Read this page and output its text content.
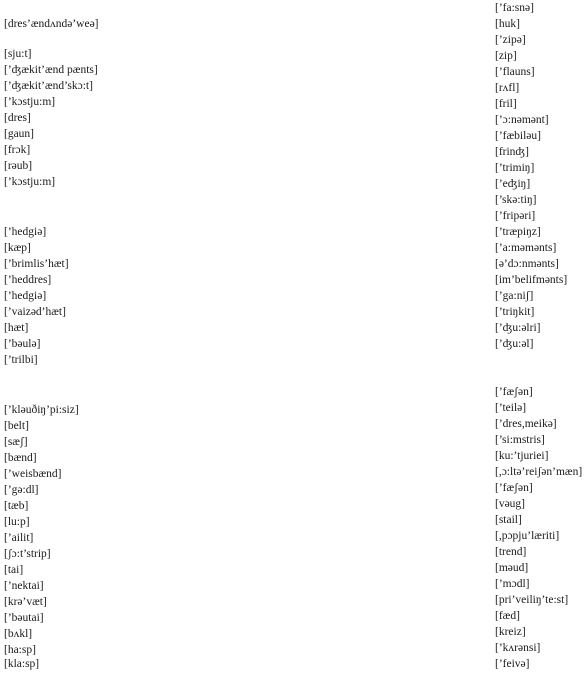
[dres’ændʌndə’weə]
[sju:t]
[’ʤækit’ænd pænts]
[’ʤækit’ænd’skɔ:t]
[’kɔstju:m]
[dres]
[gaun]
[frɔk]
[rəub]
[’kɔstju:m]
[’hedgiə]
[kæp]
[’brimlis’hæt]
[’heddres]
[’hedgiə]
[’vaizəd’hæt]
[hæt]
[’bəulə]
[’trilbi]
[’kləuðiŋ’pi:siz]
[belt]
[sæʃ]
[bænd]
[’weisbænd]
[’gə:dl]
[tæb]
[lu:p]
[’ailit]
[ʃɔ:t’strip]
[tai]
[’nektai]
[krə’væt]
[’bəutai]
[bʌkl]
[ha:sp]
[kla:sp]
[’fa:snə]
[huk]
[’zipə]
[zip]
[’flauns]
[rʌfl]
[fril]
[’ɔ:nəmənt]
[’fæbiləu]
[frinʤ]
[’trimiŋ]
[’eʤiŋ]
[’skə:tiŋ]
[’fripəri]
[’træpiŋz]
[’a:məmənts]
[ə’dɔ:nmənts]
[im’belifmənts]
[’ga:niʃ]
[’triŋkit]
[’ʤu:əlri]
[’ʤu:əl]
[’fæʃən]
[’teilə]
[’dres,meikə]
[’si:mstris]
[ku:’tjuriei]
[,ɔ:ltə’reiʃən’mæn]
[’fæʃən]
[vəug]
[stail]
[,pɔpju’læriti]
[trend]
[məud]
[’mɔdl]
[pri’veiliŋ’te:st]
[fæd]
[kreiz]
[’kʌrənsi]
[’feivə]
